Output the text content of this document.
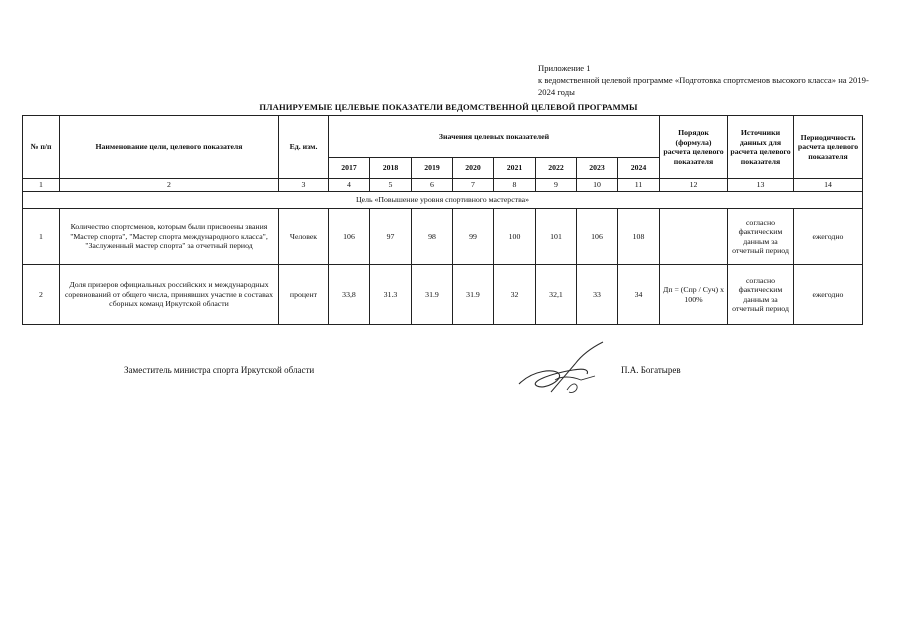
Приложение 1
к ведомственной целевой программе «Подготовка спортсменов высокого класса» на 2019-2024 годы
ПЛАНИРУЕМЫЕ ЦЕЛЕВЫЕ ПОКАЗАТЕЛИ ВЕДОМСТВЕННОЙ ЦЕЛЕВОЙ ПРОГРАММЫ
№ п/п	Наименование цели, целевого показателя	Ед. изм.	Значения целевых показателей								Порядок (формула) расчета целевого показателя	Источники данных для расчета целевого показателя	Периодичность расчета целевого показателя
			2017	2018	2019	2020	2021	2022	2023	2024			
1	2	3	4	5	6	7	8	9	10	11	12	13	14
Цель «Повышение уровня спортивного мастерства»													
1	Количество спортсменов, которым были присвоены звания "Мастер спорта", "Мастер спорта международного класса", "Заслуженный мастер спорта" за отчетный период	Человек	106	97	98	99	100	101	106	108		согласно фактическим данным за отчетный период	ежегодно
2	Доля призеров официальных российских и международных соревнований от общего числа, принявших участие в составах сборных команд Иркутской области	процент	33,8	31.3	31.9	31.9	32	32,1	33	34	Дп = (Спр / Суч) х 100%	согласно фактическим данным за отчетный период	ежегодно
Заместитель министра спорта Иркутской области	П.А. Богатырев
